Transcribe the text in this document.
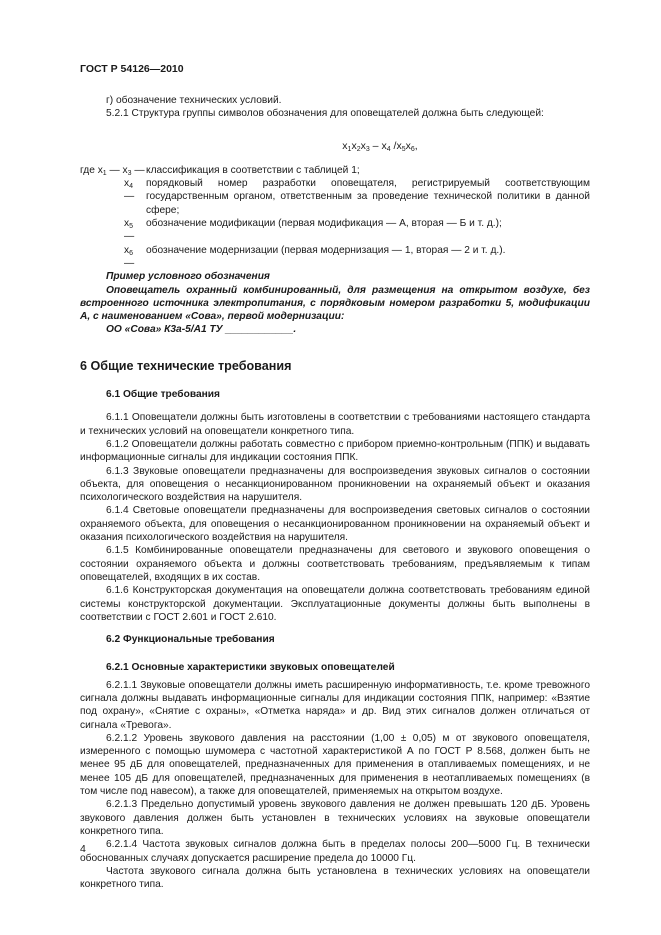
ГОСТ Р 54126—2010

г) обозначение технических условий.

5.2.1 Структура группы символов обозначения для оповещателей должна быть следующей:

$x_1x_2x_3 - x_4$ $/x_5x_6$,
где $x_1$ — $x_3$ — классификация в соответствии с таблицей 1;
$x_4$ —
порядковый номер разработки оповещателя, регистрируемый соответствующим государственным органом, ответственным за проведение технической политики в данной сфере;
$x_5$ —
обозначение модификации (первая модификация — А, вторая — Б и т. д.);
$x_6$ —
обозначение модернизации (первая модернизация — 1, вторая — 2 и т. д.).

Пример условного обозначения

Оповещатель охранный комбинированный, для размещения на открытом воздухе, без встроенного источника электропитания, с порядковым номером разработки 5, модификации А, с наименованием «Сова», первой модернизации:

ОО «Сова» К3а-5/А1 ТУ ____________.

6 Общие технические требования
6.1 Общие требования

6.1.1 Оповещатели должны быть изготовлены в соответствии с требованиями настоящего стандарта и технических условий на оповещатели конкретного типа.

6.1.2 Оповещатели должны работать совместно с прибором приемно-контрольным (ППК) и выдавать информационные сигналы для индикации состояния ППК.

6.1.3 Звуковые оповещатели предназначены для воспроизведения звуковых сигналов о состоянии объекта, для оповещения о несанкционированном проникновении на охраняемый объект и оказания психологического воздействия на нарушителя.

6.1.4 Световые оповещатели предназначены для воспроизведения световых сигналов о состоянии охраняемого объекта, для оповещения о несанкционированном проникновении на охраняемый объект и оказания психологического воздействия на нарушителя.

6.1.5 Комбинированные оповещатели предназначены для светового и звукового оповещения о состоянии охраняемого объекта и должны соответствовать требованиям, предъявляемым к типам оповещателей, входящих в их состав.

6.1.6 Конструкторская документация на оповещатели должна соответствовать требованиям единой системы конструкторской документации. Эксплуатационные документы должны быть выполнены в соответствии с ГОСТ 2.601 и ГОСТ 2.610.

6.2 Функциональные требования
6.2.1 Основные характеристики звуковых оповещателей

6.2.1.1 Звуковые оповещатели должны иметь расширенную информативность, т.е. кроме тревожного сигнала должны выдавать информационные сигналы для индикации состояния ППК, например: «Взятие под охрану», «Снятие с охраны», «Отметка наряда» и др. Вид этих сигналов должен отличаться от сигнала «Тревога».

6.2.1.2 Уровень звукового давления на расстоянии (1,00 ± 0,05) м от звукового оповещателя, измеренного с помощью шумомера с частотной характеристикой А по ГОСТ Р 8.568, должен быть не менее 95 дБ для оповещателей, предназначенных для применения в отапливаемых помещениях, и не менее 105 дБ для оповещателей, предназначенных для применения в неотапливаемых помещениях (в том числе под навесом), а также для оповещателей, применяемых на открытом воздухе.

6.2.1.3 Предельно допустимый уровень звукового давления не должен превышать 120 дБ. Уровень звукового давления должен быть установлен в технических условиях на звуковые оповещатели конкретного типа.

6.2.1.4 Частота звуковых сигналов должна быть в пределах полосы 200—5000 Гц. В технически обоснованных случаях допускается расширение предела до 10000 Гц.

Частота звукового сигнала должна быть установлена в технических условиях на оповещатели конкретного типа.

4
